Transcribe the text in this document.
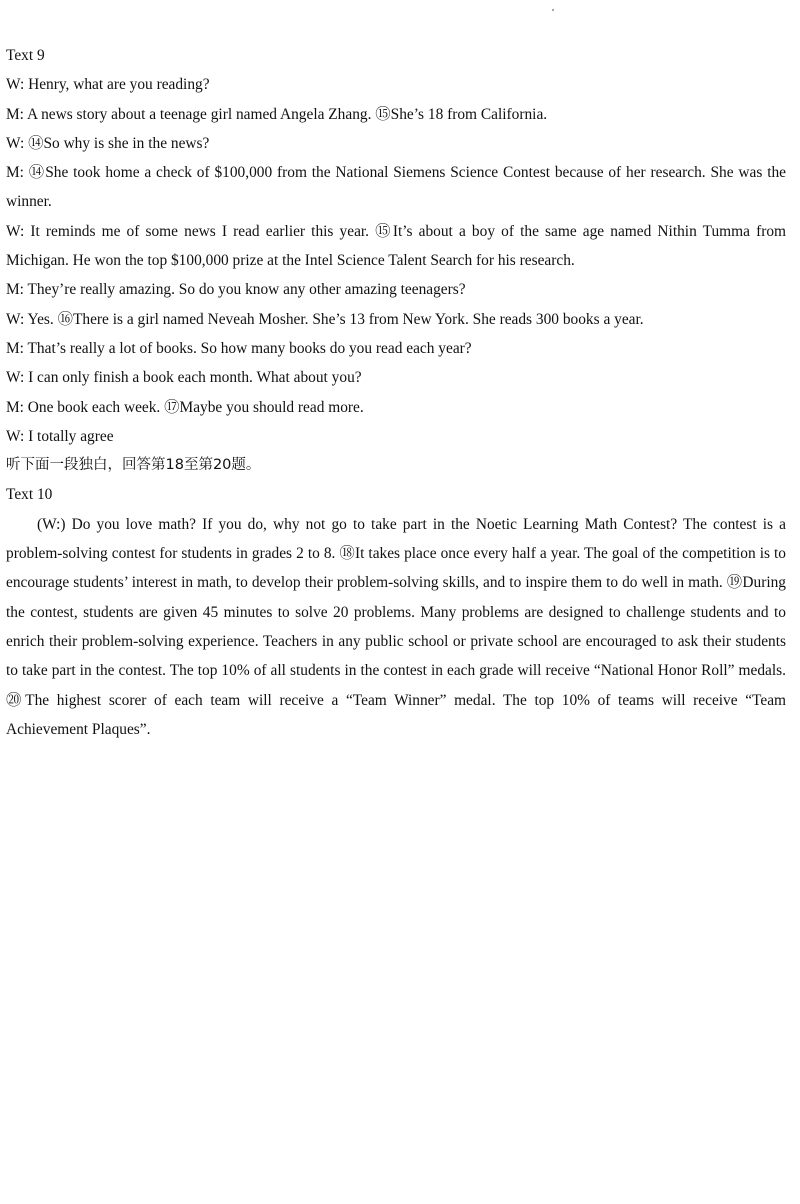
Text 9

W: Henry, what are you reading?

M: A news story about a teenage girl named Angela Zhang. ⑮She’s 18 from California.

W: ⑭So why is she in the news?

M: ⑭She took home a check of $100,000 from the National Siemens Science Contest because of her research. She was the winner.

W: It reminds me of some news I read earlier this year. ⑮It’s about a boy of the same age named Nithin Tumma from Michigan. He won the top $100,000 prize at the Intel Science Talent Search for his research.

M: They’re really amazing. So do you know any other amazing teenagers?

W: Yes. ⑯There is a girl named Neveah Mosher. She’s 13 from New York. She reads 300 books a year.

M: That’s really a lot of books. So how many books do you read each year?

W: I can only finish a book each month. What about you?

M: One book each week. ⑰Maybe you should read more.

W: I totally agree

听下面一段独白，回答第18至第20题。

Text 10

(W:) Do you love math? If you do, why not go to take part in the Noetic Learning Math Contest? The contest is a problem-solving contest for students in grades 2 to 8. ⑱It takes place once every half a year. The goal of the competition is to encourage students’ interest in math, to develop their problem-solving skills, and to inspire them to do well in math. ⑲During the contest, students are given 45 minutes to solve 20 problems. Many problems are designed to challenge students and to enrich their problem-solving experience. Teachers in any public school or private school are encouraged to ask their students to take part in the contest. The top 10% of all students in the contest in each grade will receive “National Honor Roll” medals. ⑳The highest scorer of each team will receive a “Team Winner” medal. The top 10% of teams will receive “Team Achievement Plaques”.
